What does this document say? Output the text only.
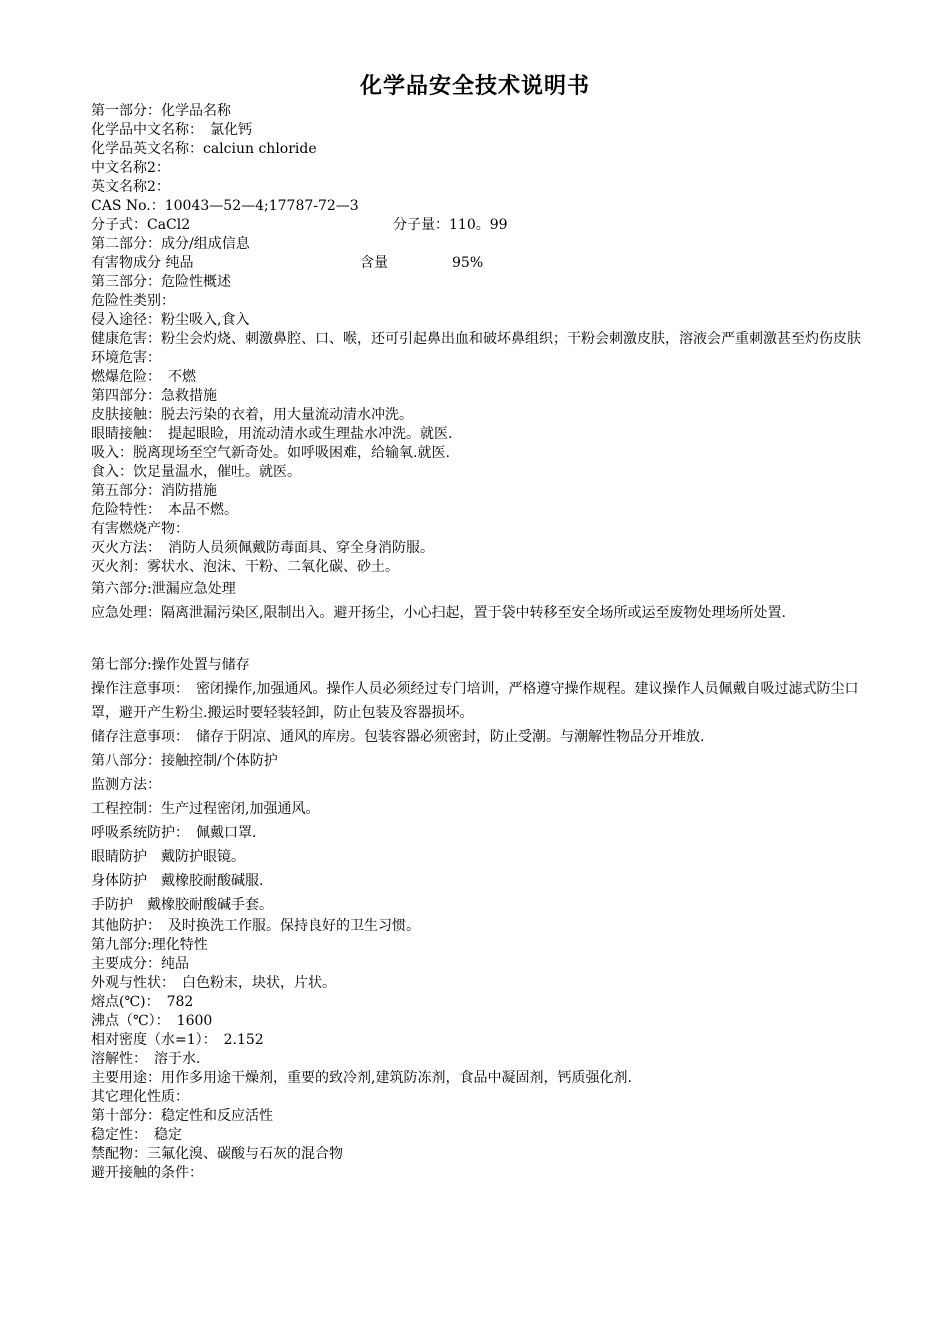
化学品安全技术说明书
第一部分：化学品名称
化学品中文名称：　氯化钙
化学品英文名称：calciun chloride
中文名称2：
英文名称2：
CAS No.：10043—52—4;17787-72—3
分子式：CaCl2	分子量：110。99
第二部分：成分/组成信息
有害物成分 纯品	含量	95%
第三部分：危险性概述
危险性类别：
侵入途径：粉尘吸入,食入
健康危害：粉尘会灼烧、刺激鼻腔、口、喉，还可引起鼻出血和破坏鼻组织；干粉会刺激皮肤，溶液会严重刺激甚至灼伤皮肤
环境危害：
燃爆危险：　不燃
第四部分：急救措施
皮肤接触：脱去污染的衣着，用大量流动清水冲洗。
眼睛接触：　提起眼睑，用流动清水或生理盐水冲洗。就医.
吸入：脱离现场至空气新奇处。如呼吸困难，给输氧.就医.
食入：饮足量温水，催吐。就医。
第五部分：消防措施
危险特性：　本品不燃。
有害燃烧产物：
灭火方法：　消防人员须佩戴防毒面具、穿全身消防服。
灭火剂：雾状水、泡沫、干粉、二氧化碳、砂土。
第六部分:泄漏应急处理
应急处理：隔离泄漏污染区,限制出入。避开扬尘，小心扫起，置于袋中转移至安全场所或运至废物处理场所处置.
第七部分:操作处置与储存
操作注意事项：　密闭操作,加强通风。操作人员必须经过专门培训，严格遵守操作规程。建议操作人员佩戴自吸过滤式防尘口罩，避开产生粉尘.搬运时要轻装轻卸，防止包装及容器损坏。
储存注意事项：　储存于阴凉、通风的库房。包装容器必须密封，防止受潮。与潮解性物品分开堆放.
第八部分：接触控制/个体防护
监测方法：
工程控制：生产过程密闭,加强通风。
呼吸系统防护：　佩戴口罩.
眼睛防护　戴防护眼镜。
身体防护　戴橡胶耐酸碱服.
手防护　戴橡胶耐酸碱手套。
其他防护：　及时换洗工作服。保持良好的卫生习惯。
第九部分:理化特性
主要成分：纯品
外观与性状：　白色粉末，块状，片状。
熔点(℃)：　782
沸点（℃）：　1600
相对密度（水=1）：　2.152
溶解性：　溶于水.
主要用途：用作多用途干燥剂，重要的致冷剂,建筑防冻剂，食品中凝固剂，钙质强化剂.
其它理化性质：
第十部分：稳定性和反应活性
稳定性：　稳定
禁配物：三氟化溴、碳酸与石灰的混合物
避开接触的条件：
